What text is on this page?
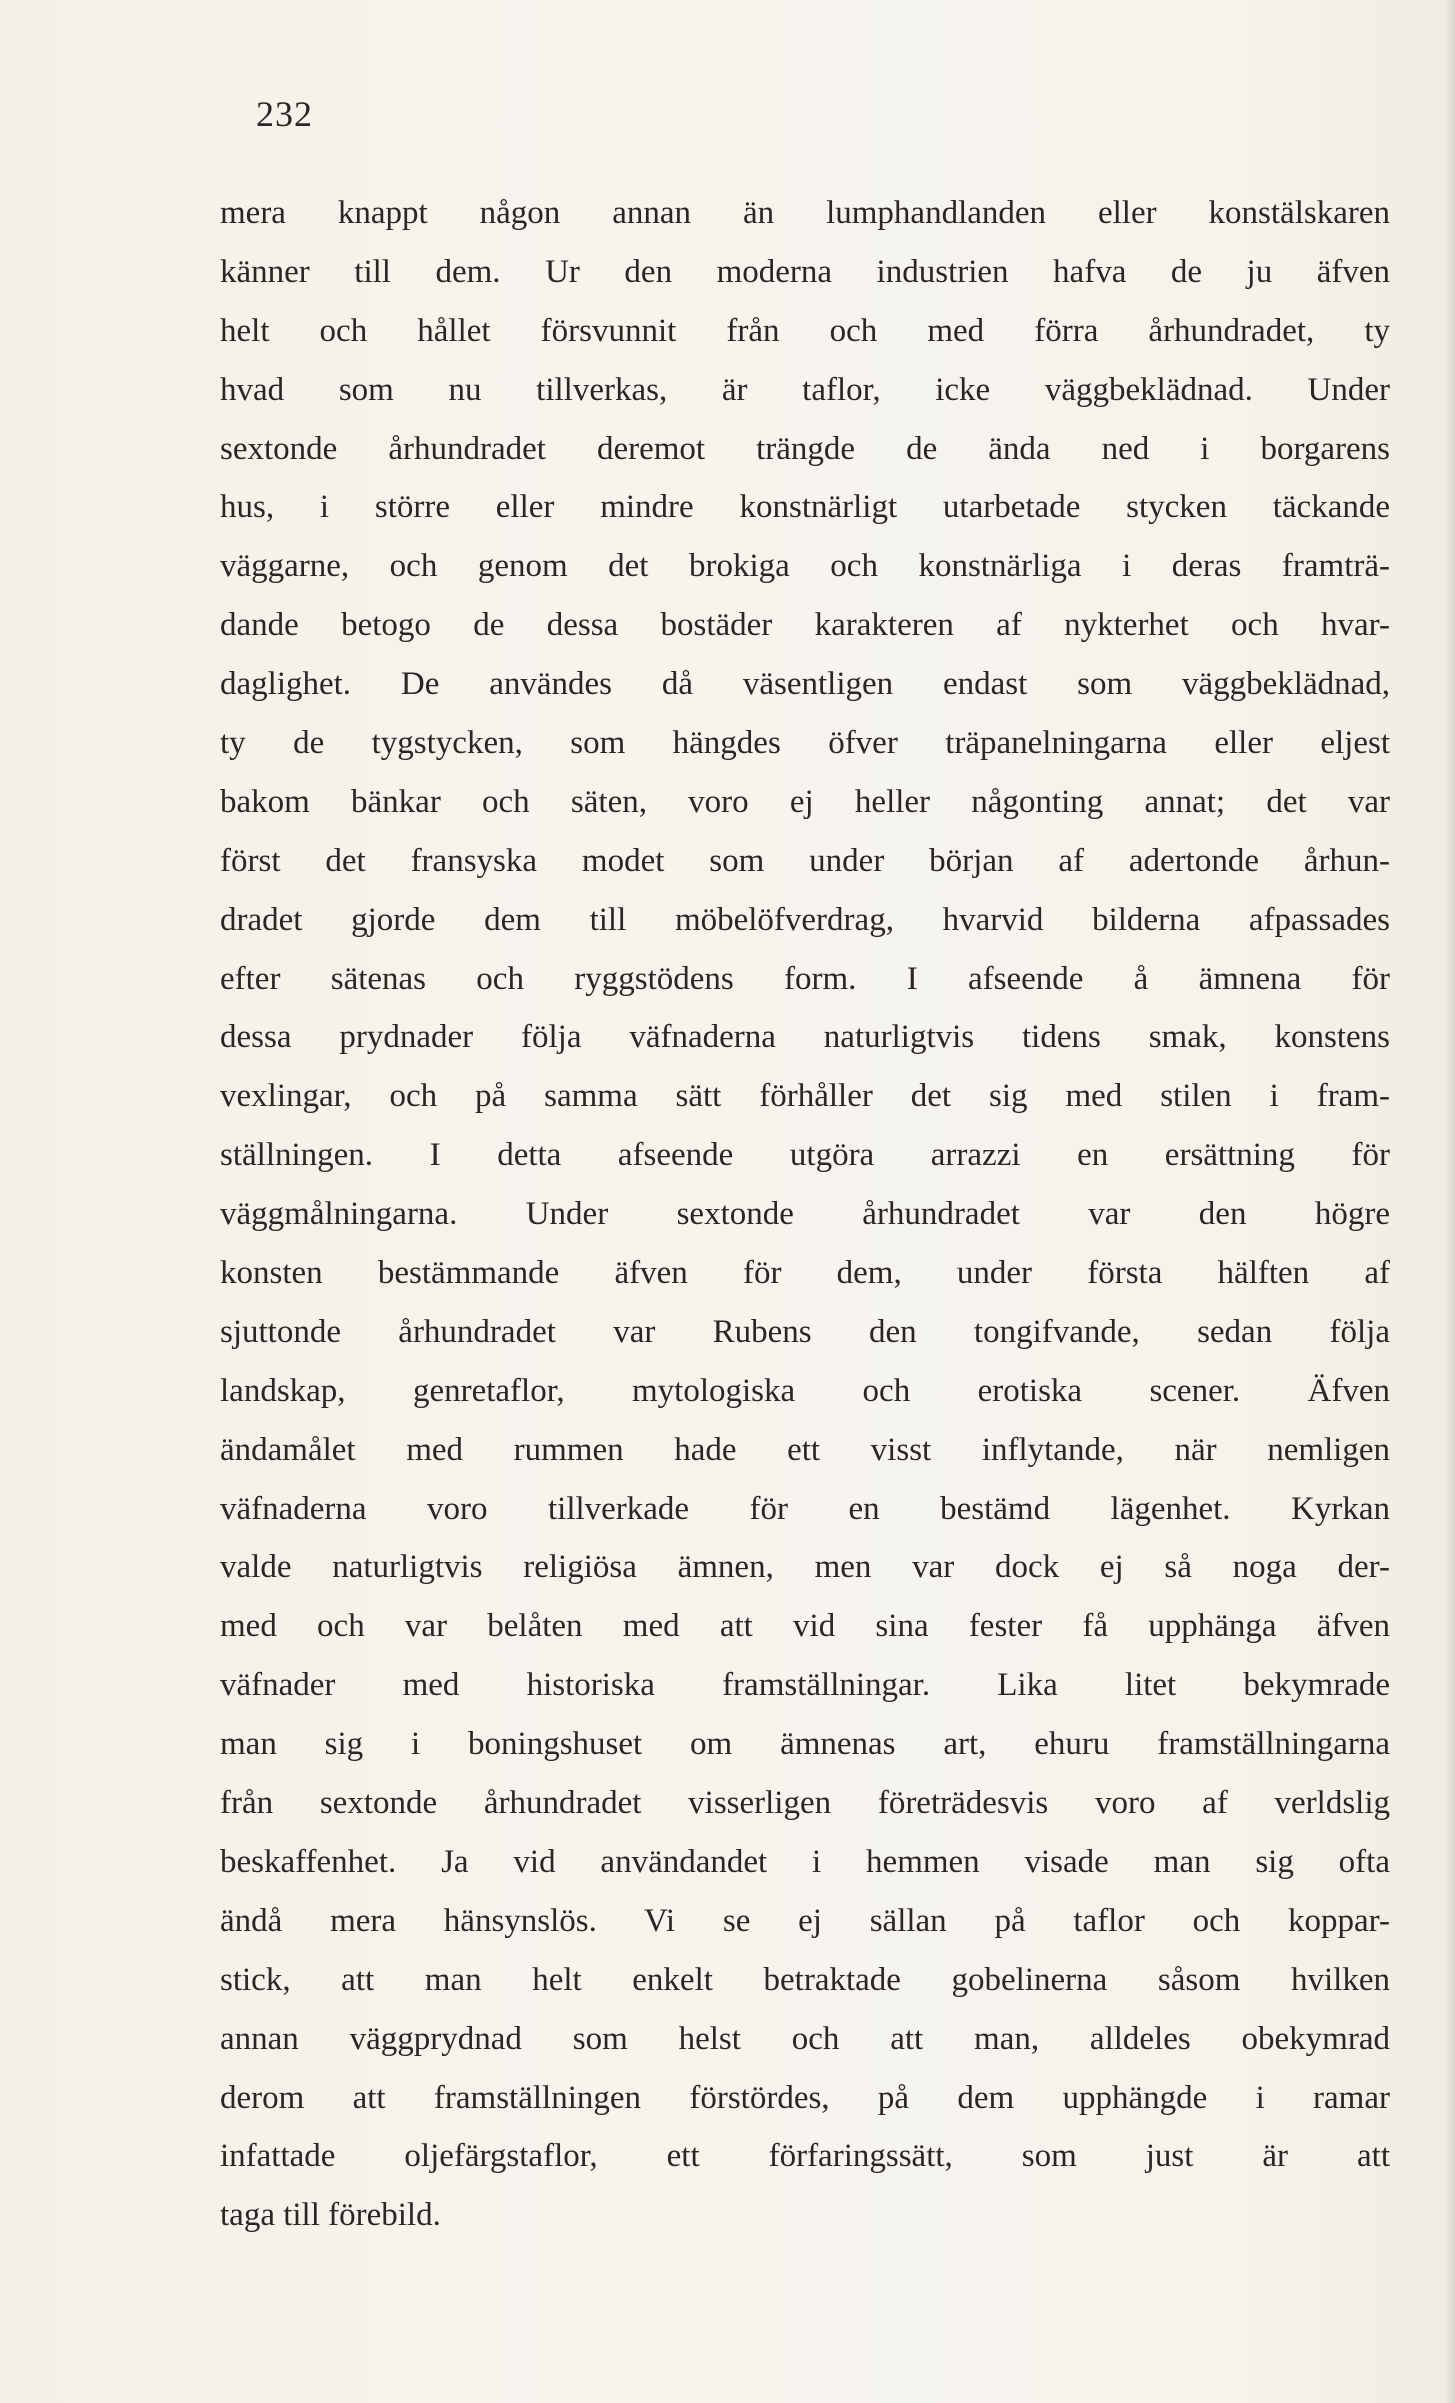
232
mera knappt någon annan än lumphandlanden eller konstälskaren
känner till dem. Ur den moderna industrien hafva de ju äfven
helt och hållet försvunnit från och med förra århundradet, ty
hvad som nu tillverkas, är taflor, icke väggbeklädnad. Under
sextonde århundradet deremot trängde de ända ned i borgarens
hus, i större eller mindre konstnärligt utarbetade stycken täckande
väggarne, och genom det brokiga och konstnärliga i deras framträ-
dande betogo de dessa bostäder karakteren af nykterhet och hvar-
daglighet. De användes då väsentligen endast som väggbeklädnad,
ty de tygstycken, som hängdes öfver träpanelningarna eller eljest
bakom bänkar och säten, voro ej heller någonting annat; det var
först det fransyska modet som under början af adertonde århun-
dradet gjorde dem till möbelöfverdrag, hvarvid bilderna afpassades
efter sätenas och ryggstödens form. I afseende å ämnena för
dessa prydnader följa väfnaderna naturligtvis tidens smak, konstens
vexlingar, och på samma sätt förhåller det sig med stilen i fram-
ställningen. I detta afseende utgöra arrazzi en ersättning för
väggmålningarna. Under sextonde århundradet var den högre
konsten bestämmande äfven för dem, under första hälften af
sjuttonde århundradet var Rubens den tongifvande, sedan följa
landskap, genretaflor, mytologiska och erotiska scener. Äfven
ändamålet med rummen hade ett visst inflytande, när nemligen
väfnaderna voro tillverkade för en bestämd lägenhet. Kyrkan
valde naturligtvis religiösa ämnen, men var dock ej så noga der-
med och var belåten med att vid sina fester få upphänga äfven
väfnader med historiska framställningar. Lika litet bekymrade
man sig i boningshuset om ämnenas art, ehuru framställningarna
från sextonde århundradet visserligen företrädesvis voro af verldslig
beskaffenhet. Ja vid användandet i hemmen visade man sig ofta
ändå mera hänsynslös. Vi se ej sällan på taflor och koppar-
stick, att man helt enkelt betraktade gobelinerna såsom hvilken
annan väggprydnad som helst och att man, alldeles obekymrad
derom att framställningen förstördes, på dem upphängde i ramar
infattade oljefärgstaflor, ett förfaringssätt, som just är att
taga till förebild.
